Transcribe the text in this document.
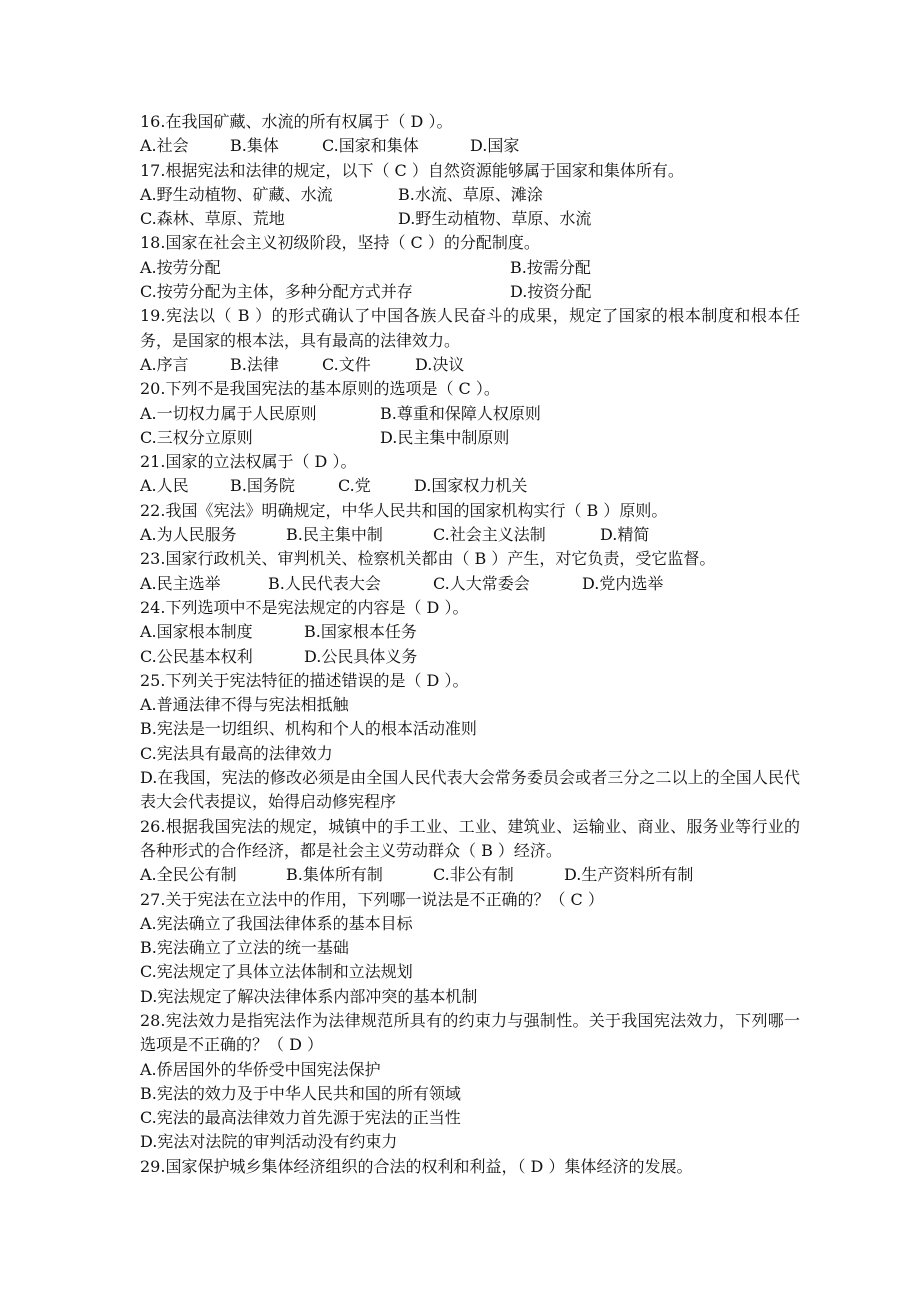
16.在我国矿藏、水流的所有权属于（ D ）。
A.社会	B.集体	C.国家和集体	D.国家
17.根据宪法和法律的规定，以下（ C ）自然资源能够属于国家和集体所有。
A.野生动植物、矿藏、水流	B.水流、草原、滩涂
C.森林、草原、荒地	D.野生动植物、草原、水流
18.国家在社会主义初级阶段，坚持（ C ）的分配制度。
A.按劳分配	B.按需分配
C.按劳分配为主体，多种分配方式并存	D.按资分配
19.宪法以（ B ）的形式确认了中国各族人民奋斗的成果，规定了国家的根本制度和根本任务，是国家的根本法，具有最高的法律效力。
A.序言	B.法律	C.文件	D.决议
20.下列不是我国宪法的基本原则的选项是（ C ）。
A.一切权力属于人民原则	B.尊重和保障人权原则
C.三权分立原则	D.民主集中制原则
21.国家的立法权属于（ D ）。
A.人民	B.国务院	C.党	D.国家权力机关
22.我国《宪法》明确规定，中华人民共和国的国家机构实行（ B ）原则。
A.为人民服务	B.民主集中制	C.社会主义法制	D.精简
23.国家行政机关、审判机关、检察机关都由（ B ）产生，对它负责，受它监督。
A.民主选举	B.人民代表大会	C.人大常委会	D.党内选举
24.下列选项中不是宪法规定的内容是（ D ）。
A.国家根本制度	B.国家根本任务
C.公民基本权利	D.公民具体义务
25.下列关于宪法特征的描述错误的是（ D ）。
A.普通法律不得与宪法相抵触
B.宪法是一切组织、机构和个人的根本活动准则
C.宪法具有最高的法律效力
D.在我国，宪法的修改必须是由全国人民代表大会常务委员会或者三分之二以上的全国人民代表大会代表提议，始得启动修宪程序
26.根据我国宪法的规定，城镇中的手工业、工业、建筑业、运输业、商业、服务业等行业的各种形式的合作经济，都是社会主义劳动群众（ B ）经济。
A.全民公有制	B.集体所有制	C.非公有制	D.生产资料所有制
27.关于宪法在立法中的作用，下列哪一说法是不正确的？（ C ）
A.宪法确立了我国法律体系的基本目标
B.宪法确立了立法的统一基础
C.宪法规定了具体立法体制和立法规划
D.宪法规定了解决法律体系内部冲突的基本机制
28.宪法效力是指宪法作为法律规范所具有的约束力与强制性。关于我国宪法效力，下列哪一选项是不正确的？（ D ）
A.侨居国外的华侨受中国宪法保护
B.宪法的效力及于中华人民共和国的所有领域
C.宪法的最高法律效力首先源于宪法的正当性
D.宪法对法院的审判活动没有约束力
29.国家保护城乡集体经济组织的合法的权利和利益，（ D ）集体经济的发展。
